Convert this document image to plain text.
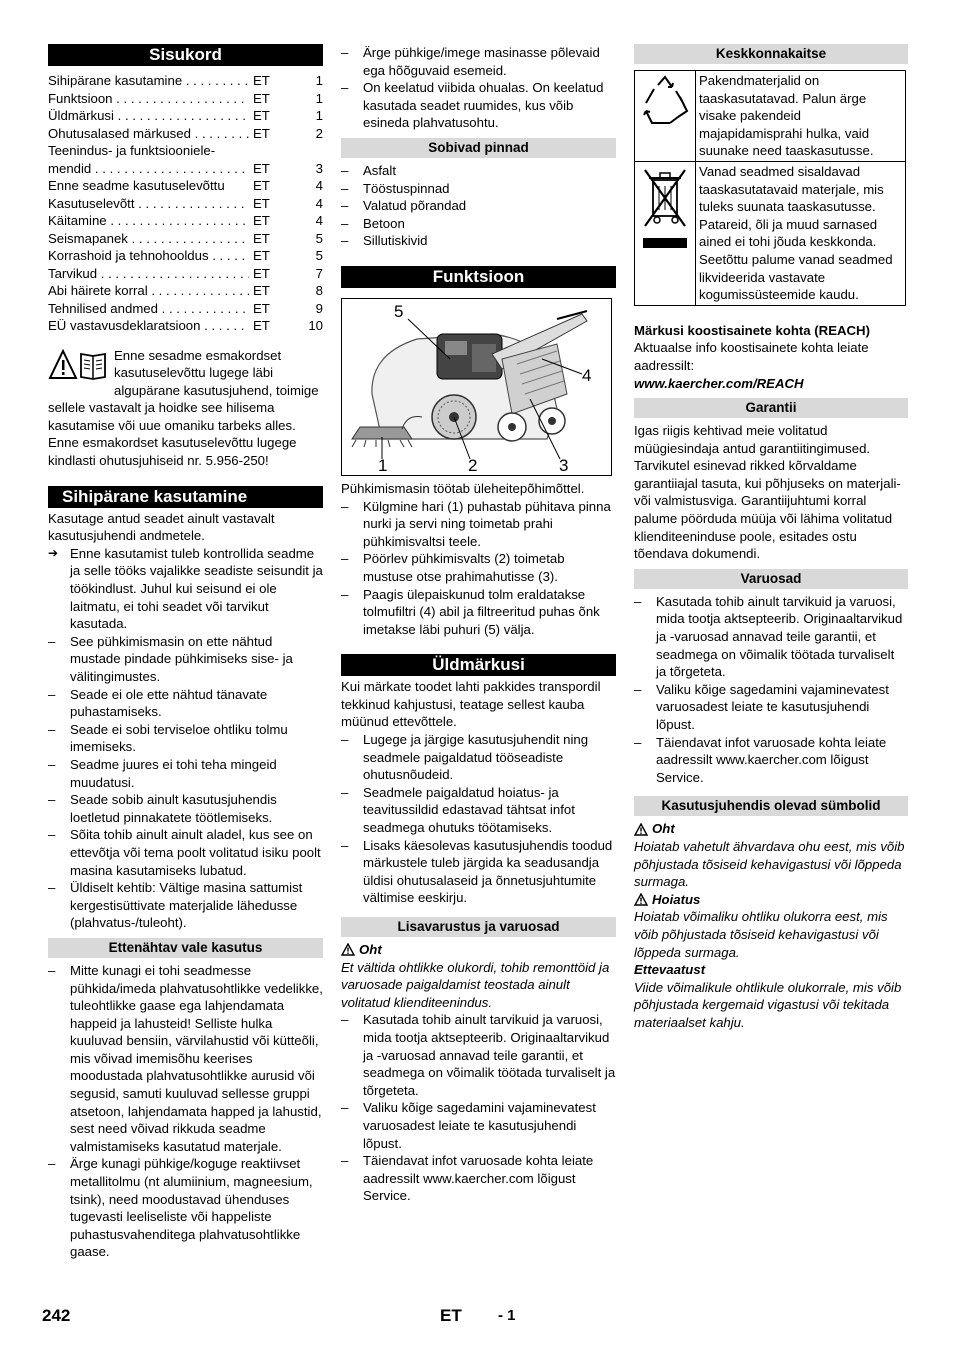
Sisukord
Sihipärane kasutamine . . .	ET	1
Funktsioon . . .	ET	1
Üldmärkusi . . .	ET	1
Ohutusalased märkused . . .	ET	2
Teenindus- ja funktsiooniele-
mendid . . .	ET	3
Enne seadme kasutuselevõttu	ET	4
Kasutuselevõtt . . .	ET	4
Käitamine . . .	ET	4
Seismapanek . . .	ET	5
Korrashoid ja tehnohooldus . . .	ET	5
Tarvikud . . .	ET	7
Abi häirete korral . . .	ET	8
Tehnilised andmed . . .	ET	9
EÜ vastavusdeklaratsioon . . .	ET	10

Enne sesadme esmakordset kasutuselevõttu lugege läbi algupärane kasutusjuhend, toimige sellele vastavalt ja hoidke see hilisema kasutamise või uue omaniku tarbeks alles.

Enne esmakordset kasutuselevõttu lugege kindlasti ohutusjuhiseid nr. 5.956-250!

Sihipärane kasutamine

Kasutage antud seadet ainult vastavalt kasutusjuhendi andmetele.

➔ Enne kasutamist tuleb kontrollida seadme ja selle tööks vajalikke seadiste seisundit ja töökindlust. Juhul kui seisund ei ole laitmatu, ei tohi seadet või tarvikut kasutada.

– See pühkimismasin on ette nähtud mustade pindade pühkimiseks sise- ja välitingimustes.

– Seade ei ole ette nähtud tänavate puhastamiseks.

– Seade ei sobi terviseloe ohtliku tolmu imemiseks.

– Seadme juures ei tohi teha mingeid muudatusi.

– Seade sobib ainult kasutusjuhendis loetletud pinnakatete töötlemiseks.

– Sõita tohib ainult ainult aladel, kus see on ettevõtja või tema poolt volitatud isiku poolt masina kasutamiseks lubatud.

– Üldiselt kehtib: Vältige masina sattumist kergestisüttivate materjalide lähedusse (plahvatus-/tuleoht).

Ettenähtav vale kasutus

– Mitte kunagi ei tohi seadmesse pühkida/imeda plahvatusohtlikke vedelikke, tuleohtlikke gaase ega lahjendamata happeid ja lahusteid! Selliste hulka kuuluvad bensiin, värvilahustid või kütteõli, mis võivad imemisõhu keerises moodustada plahvatusohtlikke aurusid või segusid, samuti kuuluvad sellesse gruppi atsetoon, lahjendamata happed ja lahustid, sest need võivad rikkuda seadme valmistamiseks kasutatud materjale.

– Ärge kunagi pühkige/koguge reaktiivset metallitolmu (nt alumiinium, magneesium, tsink), need moodustavad ühenduses tugevasti leeliseliste või happeliste puhastusvahenditega plahvatusohtlikke gaase.

– Ärge pühkige/imege masinasse põlevaid ega hõõguvaid esemeid.

– On keelatud viibida ohualas. On keelatud kasutada seadet ruumides, kus võib esineda plahvatusohtu.

Sobivad pinnad

– Asfalt

– Tööstuspinnad

– Valatud põrandad

– Betoon

– Sillutiskivid

Funktsioon
1	2	3
4
5

Pühkimismasin töötab üleheitepõhimõttel.

– Külgmine hari (1) puhastab pühitava pinna nurki ja servi ning toimetab prahi pühkimisvaltsi teele.

– Pöörlev pühkimisvalts (2) toimetab mustuse otse prahimahutisse (3).

– Paagis ülepaiskunud tolm eraldatakse tolmufiltri (4) abil ja filtreeritud puhas õnk imetakse läbi puhuri (5) välja.

Üldmärkusi

Kui märkate toodet lahti pakkides transpordil tekkinud kahjustusi, teatage sellest kauba müünud ettevõttele.

– Lugege ja järgige kasutusjuhendit ning seadmele paigaldatud tööseadiste ohutusnõudeid.

– Seadmele paigaldatud hoiatus- ja teavitussildid edastavad tähtsat infot seadmega ohutuks töötamiseks.

– Lisaks käesolevas kasutusjuhendis toodud märkustele tuleb järgida ka seadusandja üldisi ohutusalaseid ja õnnetusjuhtumite vältimise eeskirju.

Lisavarustus ja varuosad
Oht

Et vältida ohtlikke olukordi, tohib remonttöid ja varuosade paigaldamist teostada ainult volitatud klienditeenindus.

– Kasutada tohib ainult tarvikuid ja varuosi, mida tootja aktsepteerib. Originaaltarvikud ja -varuosad annavad teile garantii, et seadmega on võimalik töötada turvaliselt ja tõrgeteta.

– Valiku kõige sagedamini vajaminevatest varuosadest leiate te kasutusjuhendi lõpust.

– Täiendavat infot varuosade kohta leiate aadressilt www.kaercher.com lõigust Service.

Keskkonnakaitse
	Pakendmaterjalid on taaskasutatavad. Palun ärge visake pakendeid majapidamisprahi hulka, vaid suunake need taaskasutusse.
	Vanad seadmed sisaldavad taaskasutatavaid materjale, mis tuleks suunata taaskasutusse. Patareid, õli ja muud sarnased ained ei tohi jõuda keskkonda. Seetõttu palume vanad seadmed likvideerida vastavate kogumissüsteemide kaudu.

Märkusi koostisainete kohta (REACH)

Aktuaalse info koostisainete kohta leiate aadressilt:

www.kaercher.com/REACH

Garantii

Igas riigis kehtivad meie volitatud müügiesindaja antud garantiitingimused. Tarvikutel esinevad rikked kõrvaldame garantiiajal tasuta, kui põhjuseks on materjali- või valmistusviga. Garantiijuhtumi korral palume pöörduda müüja või lähima volitatud klienditeeninduse poole, esitades ostu tõendava dokumendi.

Varuosad

– Kasutada tohib ainult tarvikuid ja varuosi, mida tootja aktsepteerib. Originaaltarvikud ja -varuosad annavad teile garantii, et seadmega on võimalik töötada turvaliselt ja tõrgeteta.

– Valiku kõige sagedamini vajaminevatest varuosadest leiate te kasutusjuhendi lõpust.

– Täiendavat infot varuosade kohta leiate aadressilt www.kaercher.com lõigust Service.

Kasutusjuhendis olevad sümbolid
Oht

Hoiatab vahetult ähvardava ohu eest, mis võib põhjustada tõsiseid kehavigastusi või lõppeda surmaga.

Hoiatus

Hoiatab võimaliku ohtliku olukorra eest, mis võib põhjustada tõsiseid kehavigastusi või lõppeda surmaga.

Ettevaatust

Viide võimalikule ohtlikule olukorrale, mis võib põhjustada kergemaid vigastusi või tekitada materiaalset kahju.

242	ET - 1
